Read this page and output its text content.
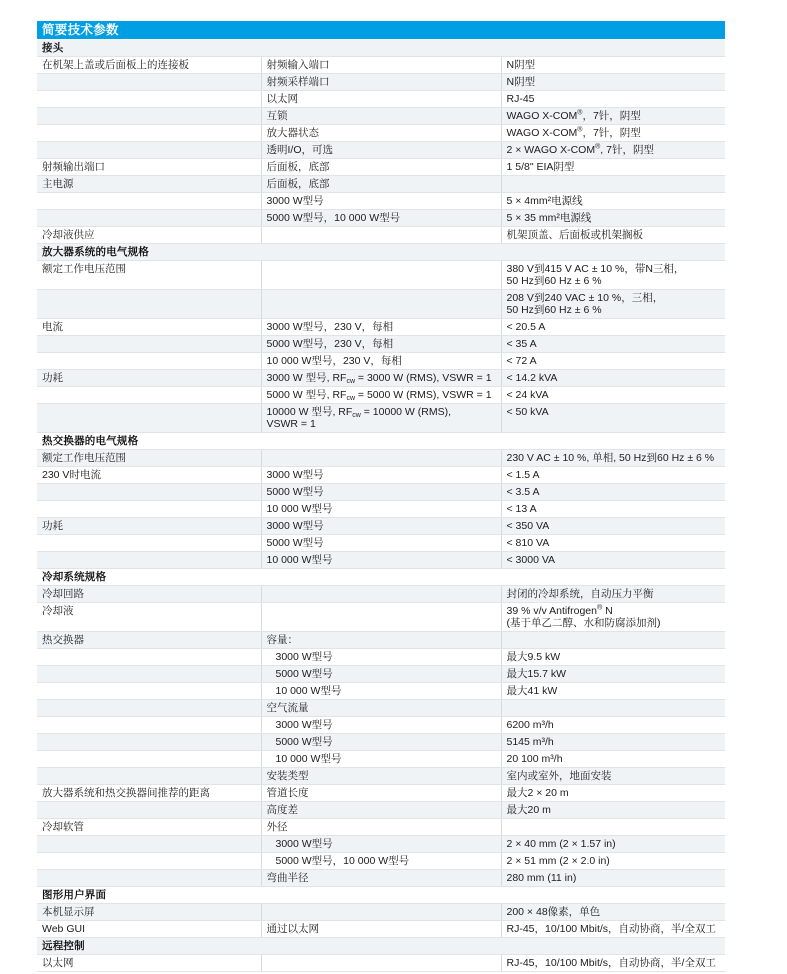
简要技术参数
接头		
在机架上盖或后面板上的连接板	射频输入端口	N阴型
	射频采样端口	N阴型
	以太网	RJ-45
	互锁	WAGO X-COM®，7针，阴型
	放大器状态	WAGO X-COM®，7针，阴型
	透明I/O，可选	2 × WAGO X-COM®, 7针，阴型
射频输出端口	后面板，底部	1 5/8" EIA阴型
主电源	后面板，底部	
	3000 W型号	5 × 4mm²电源线
	5000 W型号，10 000 W型号	5 × 35 mm²电源线
冷却液供应		机架顶盖、后面板或机架搁板
放大器系统的电气规格		
额定工作电压范围		380 V到415 V AC ± 10 %，带N三相，
50 Hz到60 Hz ± 6 %
		208 V到240 VAC ± 10 %，三相，
50 Hz到60 Hz ± 6 %
电流	3000 W型号，230 V，每相	< 20.5 A
	5000 W型号，230 V，每相	< 35 A
	10 000 W型号，230 V，每相	< 72 A
功耗	3000 W 型号, $RF_{cw} = 3000$ W (RMS), VSWR = 1	< 14.2 kVA
	5000 W 型号, $RF_{cw} = 5000$ W (RMS), VSWR = 1	< 24 kVA
	10000 W 型号, $RF_{cw} = 10000$ W (RMS),
VSWR = 1	< 50 kVA
热交换器的电气规格		
额定工作电压范围		230 V AC ± 10 %, 单相, 50 Hz到60 Hz ± 6 %
230 V时电流	3000 W型号	< 1.5 A
	5000 W型号	< 3.5 A
	10 000 W型号	< 13 A
功耗	3000 W型号	< 350 VA
	5000 W型号	< 810 VA
	10 000 W型号	< 3000 VA
冷却系统规格		
冷却回路		封闭的冷却系统，自动压力平衡
冷却液		39 % v/v Antifrogen® N
(基于单乙二醇、水和防腐添加剂)
热交换器	容量：	
	3000 W型号	最大9.5 kW
	5000 W型号	最大15.7 kW
	10 000 W型号	最大41 kW
	空气流量	
	3000 W型号	6200 m³/h
	5000 W型号	5145 m³/h
	10 000 W型号	20 100 m³/h
	安装类型	室内或室外，地面安装
放大器系统和热交换器间推荐的距离	管道长度	最大2 × 20 m
	高度差	最大20 m
冷却软管	外径	
	3000 W型号	2 × 40 mm (2 × 1.57 in)
	5000 W型号，10 000 W型号	2 × 51 mm (2 × 2.0 in)
	弯曲半径	280 mm (11 in)
图形用户界面		
本机显示屏		200 × 48像素，单色
Web GUI	通过以太网	RJ-45，10/100 Mbit/s，自动协商，半/全双工
远程控制		
以太网		RJ-45，10/100 Mbit/s，自动协商，半/全双工
